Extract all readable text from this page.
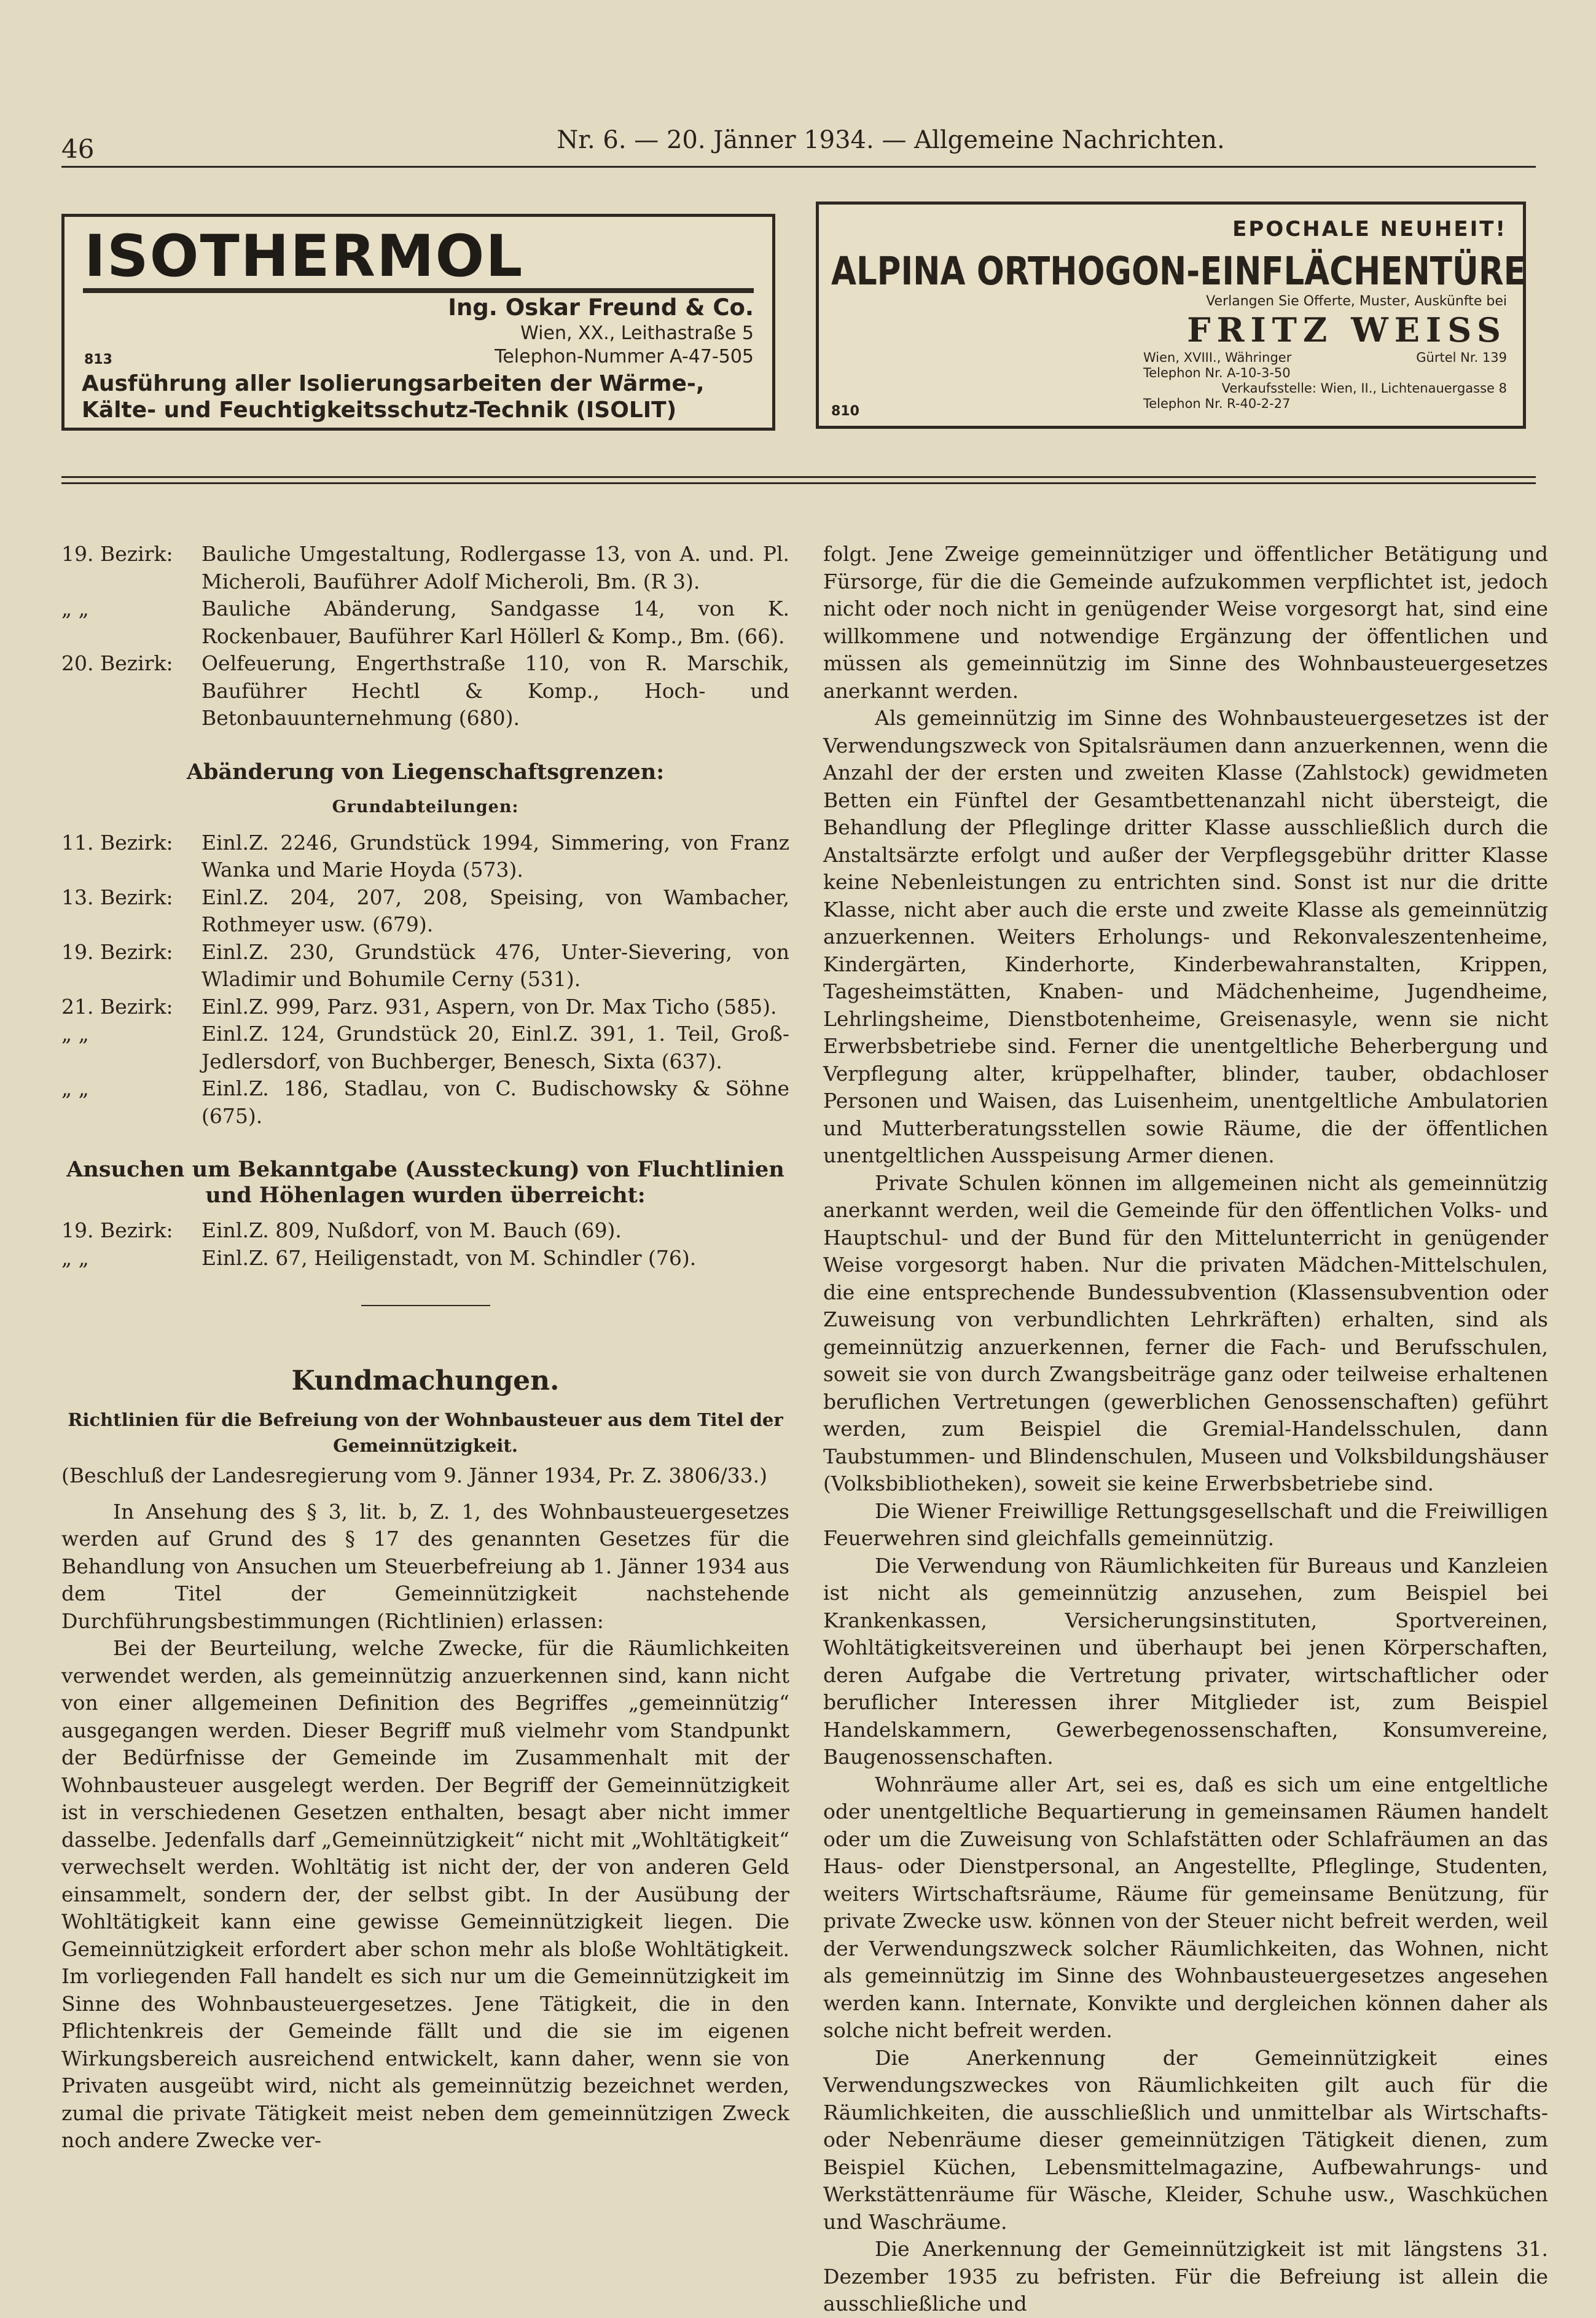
46	Nr. 6. — 20. Jänner 1934. — Allgemeine Nachrichten.
ISOTHERMOL
Ing. Oskar Freund & Co.
Wien, XX., Leithastraße 5
Telephon-Nummer A-47-505
813
Ausführung aller Isolierungsarbeiten der Wärme-,
Kälte- und Feuchtigkeitsschutz-Technik (ISOLIT)
EPOCHALE NEUHEIT!
ALPINA ORTHOGON-EINFLÄCHENTÜRE
Verlangen Sie Offerte, Muster, Auskünfte bei
FRITZ WEISS
Wien, XVIII., Währinger	Gürtel Nr. 139
Telephon Nr. A-10-3-50
Verkaufsstelle: Wien, II., Lichtenauergasse 8
Telephon Nr. R-40-2-27
810
19. Bezirk:	Bauliche Umgestaltung, Rodlergasse 13, von A. und. Pl. Micheroli, Bauführer Adolf Micheroli, Bm. (R 3).
„ „	Bauliche Abänderung, Sandgasse 14, von K. Rockenbauer, Bauführer Karl Höllerl & Komp., Bm. (66).
20. Bezirk:	Oelfeuerung, Engerthstraße 110, von R. Marschik, Bauführer Hechtl & Komp., Hoch- und Betonbauunternehmung (680).
Abänderung von Liegenschaftsgrenzen:
Grundabteilungen:
11. Bezirk:	Einl.Z. 2246, Grundstück 1994, Simmering, von Franz Wanka und Marie Hoyda (573).
13. Bezirk:	Einl.Z. 204, 207, 208, Speising, von Wambacher, Rothmeyer usw. (679).
19. Bezirk:	Einl.Z. 230, Grundstück 476, Unter-Sievering, von Wladimir und Bohumile Cerny (531).
21. Bezirk:	Einl.Z. 999, Parz. 931, Aspern, von Dr. Max Ticho (585).
„ „	Einl.Z. 124, Grundstück 20, Einl.Z. 391, 1. Teil, Groß-Jedlersdorf, von Buchberger, Benesch, Sixta (637).
„ „	Einl.Z. 186, Stadlau, von C. Budischowsky & Söhne (675).
Ansuchen um Bekanntgabe (Aussteckung) von Fluchtlinien und Höhenlagen wurden überreicht:
19. Bezirk:	Einl.Z. 809, Nußdorf, von M. Bauch (69).
„ „	Einl.Z. 67, Heiligenstadt, von M. Schindler (76).
Kundmachungen.
Richtlinien für die Befreiung von der Wohnbausteuer aus dem Titel der Gemeinnützigkeit.

(Beschluß der Landesregierung vom 9. Jänner 1934, Pr. Z. 3806/33.)

In Ansehung des § 3, lit. b, Z. 1, des Wohnbausteuergesetzes werden auf Grund des § 17 des genannten Gesetzes für die Behandlung von Ansuchen um Steuerbefreiung ab 1. Jänner 1934 aus dem Titel der Gemeinnützigkeit nachstehende Durchführungsbestimmungen (Richtlinien) erlassen:

Bei der Beurteilung, welche Zwecke, für die Räumlichkeiten verwendet werden, als gemeinnützig anzuerkennen sind, kann nicht von einer allgemeinen Definition des Begriffes „gemeinnützig“ ausgegangen werden. Dieser Begriff muß vielmehr vom Standpunkt der Bedürfnisse der Gemeinde im Zusammenhalt mit der Wohnbausteuer ausgelegt werden. Der Begriff der Gemeinnützigkeit ist in verschiedenen Gesetzen enthalten, besagt aber nicht immer dasselbe. Jedenfalls darf „Gemeinnützigkeit“ nicht mit „Wohltätigkeit“ verwechselt werden. Wohltätig ist nicht der, der von anderen Geld einsammelt, sondern der, der selbst gibt. In der Ausübung der Wohltätigkeit kann eine gewisse Gemeinnützigkeit liegen. Die Gemeinnützigkeit erfordert aber schon mehr als bloße Wohltätigkeit. Im vorliegenden Fall handelt es sich nur um die Gemeinnützigkeit im Sinne des Wohnbausteuergesetzes. Jene Tätigkeit, die in den Pflichtenkreis der Gemeinde fällt und die sie im eigenen Wirkungsbereich ausreichend entwickelt, kann daher, wenn sie von Privaten ausgeübt wird, nicht als gemeinnützig bezeichnet werden, zumal die private Tätigkeit meist neben dem gemeinnützigen Zweck noch andere Zwecke ver-

folgt. Jene Zweige gemeinnütziger und öffentlicher Betätigung und Fürsorge, für die die Gemeinde aufzukommen verpflichtet ist, jedoch nicht oder noch nicht in genügender Weise vorgesorgt hat, sind eine willkommene und notwendige Ergänzung der öffentlichen und müssen als gemeinnützig im Sinne des Wohnbausteuergesetzes anerkannt werden.

Als gemeinnützig im Sinne des Wohnbausteuergesetzes ist der Verwendungszweck von Spitalsräumen dann anzuerkennen, wenn die Anzahl der der ersten und zweiten Klasse (Zahlstock) gewidmeten Betten ein Fünftel der Gesamtbettenanzahl nicht übersteigt, die Behandlung der Pfleglinge dritter Klasse ausschließlich durch die Anstaltsärzte erfolgt und außer der Verpflegsgebühr dritter Klasse keine Nebenleistungen zu entrichten sind. Sonst ist nur die dritte Klasse, nicht aber auch die erste und zweite Klasse als gemeinnützig anzuerkennen. Weiters Erholungs- und Rekonvaleszentenheime, Kindergärten, Kinderhorte, Kinderbewahranstalten, Krippen, Tagesheimstätten, Knaben- und Mädchenheime, Jugendheime, Lehrlingsheime, Dienstbotenheime, Greisenasyle, wenn sie nicht Erwerbsbetriebe sind. Ferner die unentgeltliche Beherbergung und Verpflegung alter, krüppelhafter, blinder, tauber, obdachloser Personen und Waisen, das Luisenheim, unentgeltliche Ambulatorien und Mutterberatungsstellen sowie Räume, die der öffentlichen unentgeltlichen Ausspeisung Armer dienen.

Private Schulen können im allgemeinen nicht als gemeinnützig anerkannt werden, weil die Gemeinde für den öffentlichen Volks- und Hauptschul- und der Bund für den Mittelunterricht in genügender Weise vorgesorgt haben. Nur die privaten Mädchen-Mittelschulen, die eine entsprechende Bundessubvention (Klassensubvention oder Zuweisung von verbundlichten Lehrkräften) erhalten, sind als gemeinnützig anzuerkennen, ferner die Fach- und Berufsschulen, soweit sie von durch Zwangsbeiträge ganz oder teilweise erhaltenen beruflichen Vertretungen (gewerblichen Genossenschaften) geführt werden, zum Beispiel die Gremial-Handelsschulen, dann Taubstummen- und Blindenschulen, Museen und Volksbildungshäuser (Volksbibliotheken), soweit sie keine Erwerbsbetriebe sind.

Die Wiener Freiwillige Rettungsgesellschaft und die Freiwilligen Feuerwehren sind gleichfalls gemeinnützig.

Die Verwendung von Räumlichkeiten für Bureaus und Kanzleien ist nicht als gemeinnützig anzusehen, zum Beispiel bei Krankenkassen, Versicherungsinstituten, Sportvereinen, Wohltätigkeitsvereinen und überhaupt bei jenen Körperschaften, deren Aufgabe die Vertretung privater, wirtschaftlicher oder beruflicher Interessen ihrer Mitglieder ist, zum Beispiel Handelskammern, Gewerbegenossenschaften, Konsumvereine, Baugenossenschaften.

Wohnräume aller Art, sei es, daß es sich um eine entgeltliche oder unentgeltliche Bequartierung in gemeinsamen Räumen handelt oder um die Zuweisung von Schlafstätten oder Schlafräumen an das Haus- oder Dienstpersonal, an Angestellte, Pfleglinge, Studenten, weiters Wirtschaftsräume, Räume für gemeinsame Benützung, für private Zwecke usw. können von der Steuer nicht befreit werden, weil der Verwendungszweck solcher Räumlichkeiten, das Wohnen, nicht als gemeinnützig im Sinne des Wohnbausteuergesetzes angesehen werden kann. Internate, Konvikte und dergleichen können daher als solche nicht befreit werden.

Die Anerkennung der Gemeinnützigkeit eines Verwendungszweckes von Räumlichkeiten gilt auch für die Räumlichkeiten, die ausschließlich und unmittelbar als Wirtschafts- oder Nebenräume dieser gemeinnützigen Tätigkeit dienen, zum Beispiel Küchen, Lebensmittelmagazine, Aufbewahrungs- und Werkstättenräume für Wäsche, Kleider, Schuhe usw., Waschküchen und Waschräume.

Die Anerkennung der Gemeinnützigkeit ist mit längstens 31. Dezember 1935 zu befristen. Für die Befreiung ist allein die ausschließliche und
